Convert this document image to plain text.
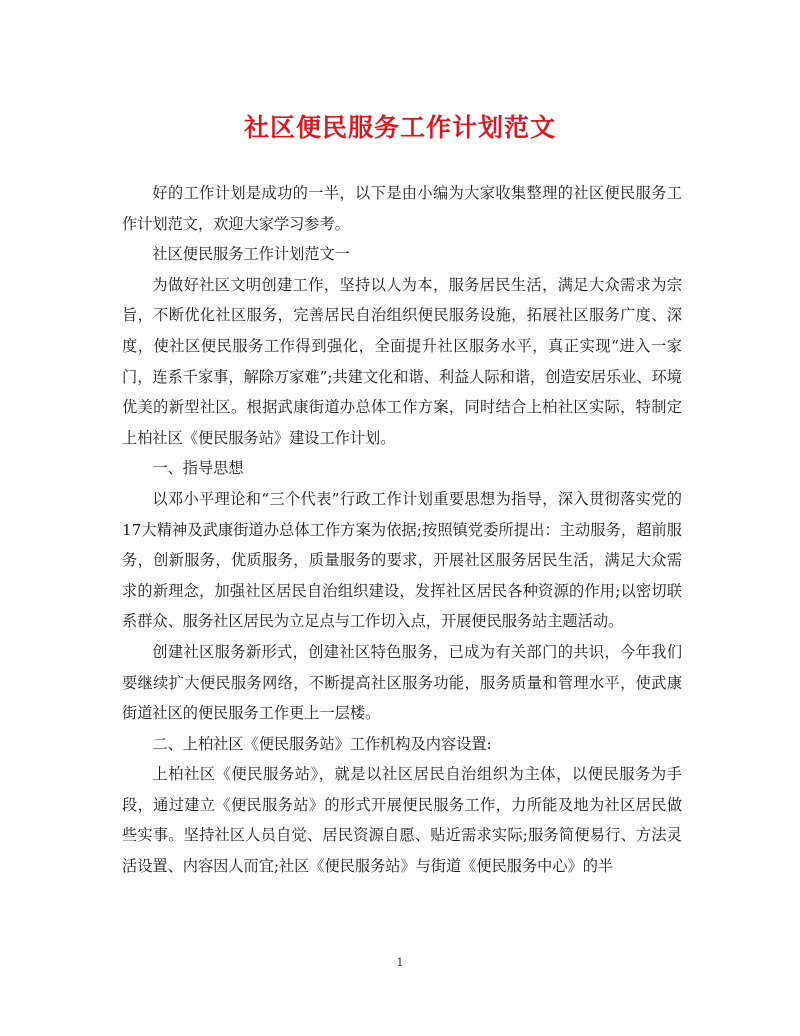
社区便民服务工作计划范文

好的工作计划是成功的一半，以下是由小编为大家收集整理的社区便民服务工作计划范文，欢迎大家学习参考。

社区便民服务工作计划范文一

为做好社区文明创建工作，坚持以人为本，服务居民生活，满足大众需求为宗旨，不断优化社区服务，完善居民自治组织便民服务设施，拓展社区服务广度、深度，使社区便民服务工作得到强化，全面提升社区服务水平，真正实现“进入一家门，连系千家事，解除万家难”;共建文化和谐、利益人际和谐，创造安居乐业、环境优美的新型社区。根据武康街道办总体工作方案，同时结合上柏社区实际，特制定上柏社区《便民服务站》建设工作计划。

一、指导思想

以邓小平理论和“三个代表”行政工作计划重要思想为指导，深入贯彻落实党的17大精神及武康街道办总体工作方案为依据;按照镇党委所提出：主动服务，超前服务，创新服务，优质服务，质量服务的要求，开展社区服务居民生活，满足大众需求的新理念，加强社区居民自治组织建设，发挥社区居民各种资源的作用;以密切联系群众、服务社区居民为立足点与工作切入点，开展便民服务站主题活动。

创建社区服务新形式，创建社区特色服务，已成为有关部门的共识，今年我们要继续扩大便民服务网络，不断提高社区服务功能，服务质量和管理水平，使武康街道社区的便民服务工作更上一层楼。

二、上柏社区《便民服务站》工作机构及内容设置:

上柏社区《便民服务站》，就是以社区居民自治组织为主体，以便民服务为手段，通过建立《便民服务站》的形式开展便民服务工作，力所能及地为社区居民做些实事。坚持社区人员自觉、居民资源自愿、贴近需求实际;服务简便易行、方法灵活设置、内容因人而宜;社区《便民服务站》与街道《便民服务中心》的半

1
